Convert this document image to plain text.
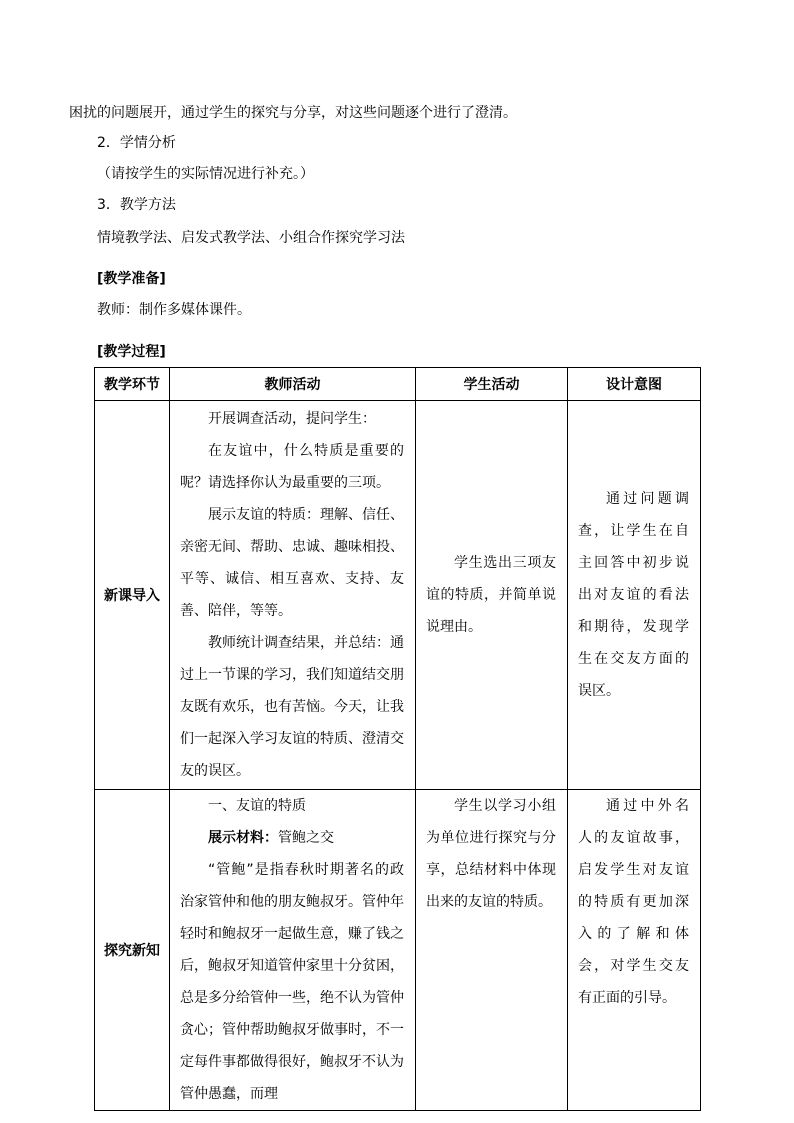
困扰的问题展开，通过学生的探究与分享，对这些问题逐个进行了澄清。
2．学情分析
（请按学生的实际情况进行补充。）
3．教学方法
情境教学法、启发式教学法、小组合作探究学习法
[教学准备]
教师：制作多媒体课件。
[教学过程]
教学环节	教师活动	学生活动	设计意图
新课导入	开展调查活动，提问学生：

在友谊中，什么特质是重要的呢？请选择你认为最重要的三项。

展示友谊的特质：理解、信任、亲密无间、帮助、忠诚、趣味相投、平等、诚信、相互喜欢、支持、友善、陪伴，等等。

教师统计调查结果，并总结：通过上一节课的学习，我们知道结交朋友既有欢乐，也有苦恼。今天，让我们一起深入学习友谊的特质、澄清交友的误区。	学生选出三项友谊的特质，并简单说说理由。	通过问题调查，让学生在自主回答中初步说出对友谊的看法和期待，发现学生在交友方面的误区。

探究新知	一、友谊的特质

展示材料：管鲍之交

“管鲍”是指春秋时期著名的政治家管仲和他的朋友鲍叔牙。管仲年轻时和鲍叔牙一起做生意，赚了钱之后，鲍叔牙知道管仲家里十分贫困，总是多分给管仲一些，绝不认为管仲贪心；管仲帮助鲍叔牙做事时，不一定每件事都做得很好，鲍叔牙不认为管仲愚蠢，而理	学生以学习小组为单位进行探究与分享，总结材料中体现出来的友谊的特质。	通过中外名人的友谊故事，启发学生对友谊的特质有更加深入的了解和体会，对学生交友有正面的引导。
